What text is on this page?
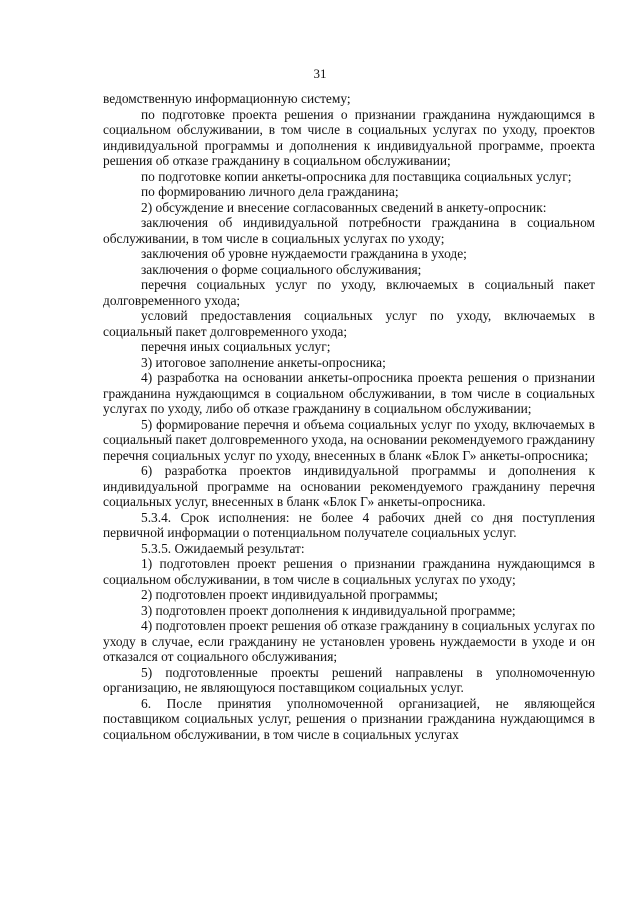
31

ведомственную информационную систему;

по подготовке проекта решения о признании гражданина нуждающимся в социальном обслуживании, в том числе в социальных услугах по уходу, проектов индивидуальной программы и дополнения к индивидуальной программе, проекта решения об отказе гражданину в социальном обслуживании;

по подготовке копии анкеты-опросника для поставщика социальных услуг;

по формированию личного дела гражданина;

2) обсуждение и внесение согласованных сведений в анкету-опросник:

заключения об индивидуальной потребности гражданина в социальном обслуживании, в том числе в социальных услугах по уходу;

заключения об уровне нуждаемости гражданина в уходе;

заключения о форме социального обслуживания;

перечня социальных услуг по уходу, включаемых в социальный пакет долговременного ухода;

условий предоставления социальных услуг по уходу, включаемых в социальный пакет долговременного ухода;

перечня иных социальных услуг;

3) итоговое заполнение анкеты-опросника;

4) разработка на основании анкеты-опросника проекта решения о признании гражданина нуждающимся в социальном обслуживании, в том числе в социальных услугах по уходу, либо об отказе гражданину в социальном обслуживании;

5) формирование перечня и объема социальных услуг по уходу, включаемых в социальный пакет долговременного ухода, на основании рекомендуемого гражданину перечня социальных услуг по уходу, внесенных в бланк «Блок Г» анкеты-опросника;

6) разработка проектов индивидуальной программы и дополнения к индивидуальной программе на основании рекомендуемого гражданину перечня социальных услуг, внесенных в бланк «Блок Г» анкеты-опросника.

5.3.4. Срок исполнения: не более 4 рабочих дней со дня поступления первичной информации о потенциальном получателе социальных услуг.

5.3.5. Ожидаемый результат:

1) подготовлен проект решения о признании гражданина нуждающимся в социальном обслуживании, в том числе в социальных услугах по уходу;

2) подготовлен проект индивидуальной программы;

3) подготовлен проект дополнения к индивидуальной программе;

4) подготовлен проект решения об отказе гражданину в социальных услугах по уходу в случае, если гражданину не установлен уровень нуждаемости в уходе и он отказался от социального обслуживания;

5) подготовленные проекты решений направлены в уполномоченную организацию, не являющуюся поставщиком социальных услуг.

6. После принятия уполномоченной организацией, не являющейся поставщиком социальных услуг, решения о признании гражданина нуждающимся в социальном обслуживании, в том числе в социальных услугах
